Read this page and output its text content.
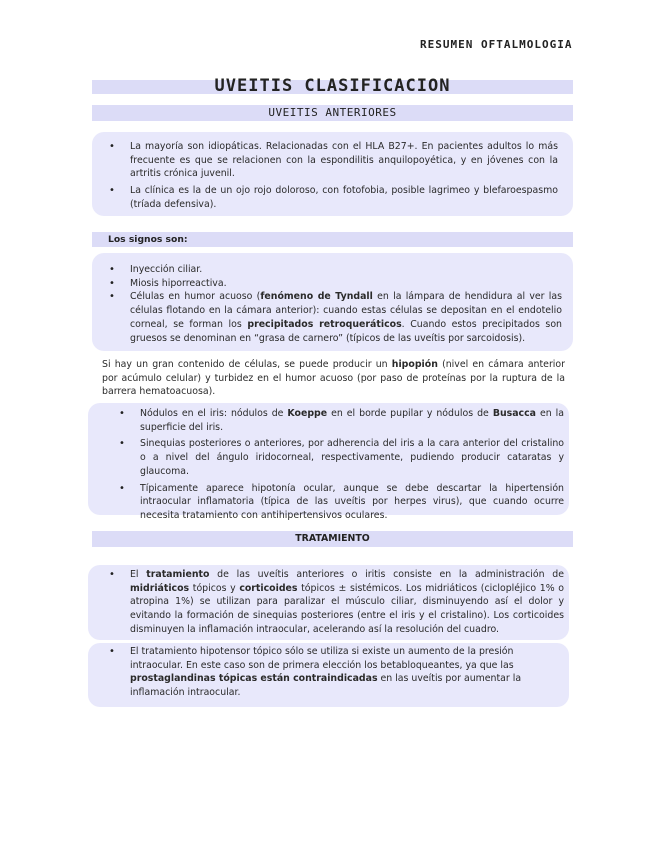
RESUMEN OFTALMOLOGIA
UVEITIS CLASIFICACION
UVEITIS ANTERIORES
• La mayoría son idiopáticas. Relacionadas con el HLA B27+. En pacientes adultos lo más frecuente es que se relacionen con la espondilitis anquilopoyética, y en jóvenes con la artritis crónica juvenil.
• La clínica es la de un ojo rojo doloroso, con fotofobia, posible lagrimeo y blefaroespasmo (tríada defensiva).
Los signos son:
• Inyección ciliar.
• Miosis hiporreactiva.
• Células en humor acuoso (fenómeno de Tyndall en la lámpara de hendidura al ver las células flotando en la cámara anterior): cuando estas células se depositan en el endotelio corneal, se forman los precipitados retroqueráticos. Cuando estos precipitados son gruesos se denominan en “grasa de carnero” (típicos de las uveítis por sarcoidosis).
Si hay un gran contenido de células, se puede producir un hipopión (nivel en cámara anterior por acúmulo celular) y turbidez en el humor acuoso (por paso de proteínas por la ruptura de la barrera hematoacuosa).
• Nódulos en el iris: nódulos de Koeppe en el borde pupilar y nódulos de Busacca en la superficie del iris.
• Sinequias posteriores o anteriores, por adherencia del iris a la cara anterior del cristalino o a nivel del ángulo iridocorneal, respectivamente, pudiendo producir cataratas y glaucoma.
• Típicamente aparece hipotonía ocular, aunque se debe descartar la hipertensión intraocular inflamatoria (típica de las uveítis por herpes virus), que cuando ocurre necesita tratamiento con antihipertensivos oculares.
TRATAMIENTO
• El tratamiento de las uveítis anteriores o iritis consiste en la administración de midriáticos tópicos y corticoides tópicos ± sistémicos. Los midriáticos (ciclopléjico 1% o atropina 1%) se utilizan para paralizar el músculo ciliar, disminuyendo así el dolor y evitando la formación de sinequias posteriores (entre el iris y el cristalino). Los corticoides disminuyen la inflamación intraocular, acelerando así la resolución del cuadro.
• El tratamiento hipotensor tópico sólo se utiliza si existe un aumento de la presión intraocular. En este caso son de primera elección los betabloqueantes, ya que las prostaglandinas tópicas están contraindicadas en las uveítis por aumentar la inflamación intraocular.
